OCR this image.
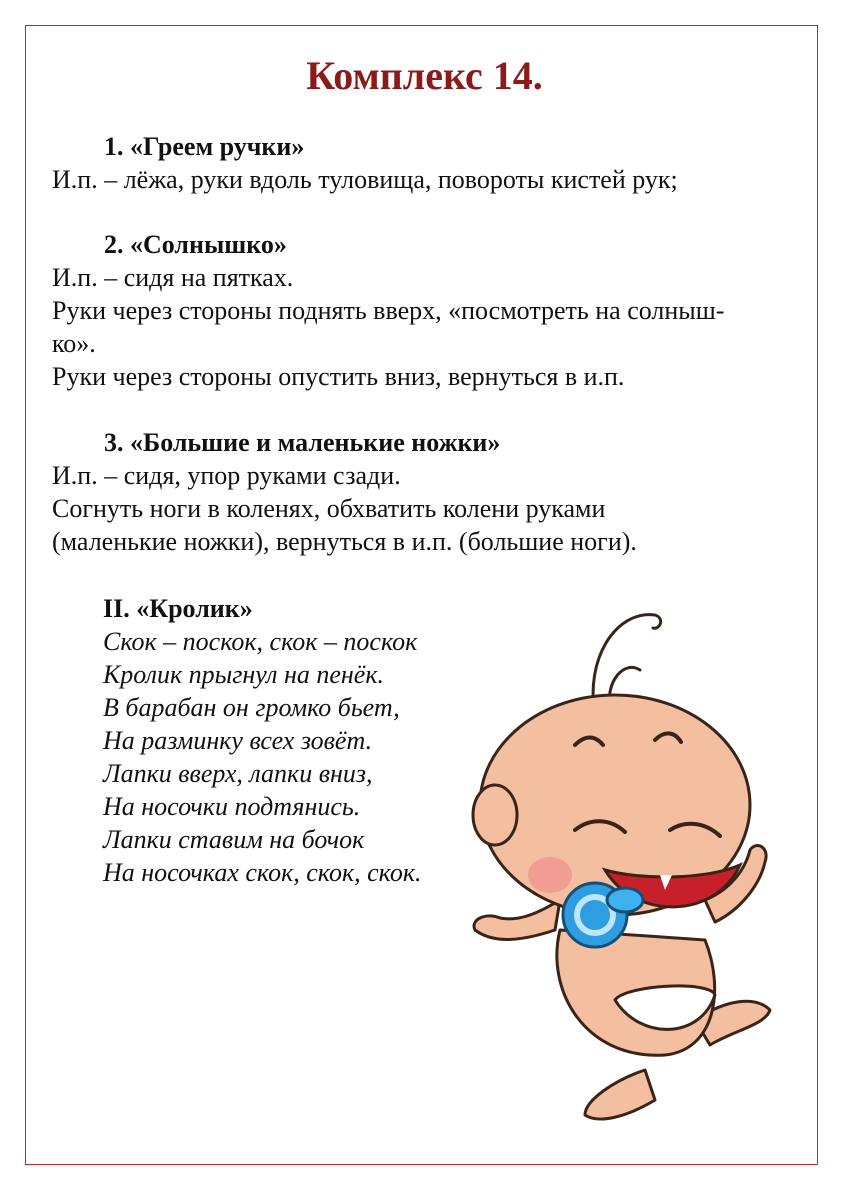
Комплекс 14.
1. «Греем ручки»
И.п. – лёжа, руки вдоль туловища, повороты кистей рук;
2. «Солнышко»
И.п. – сидя на пятках.
Руки через стороны поднять вверх, «посмотреть на солныш-
ко».
Руки через стороны опустить вниз, вернуться в и.п.
3. «Большие и маленькие ножки»
И.п. – сидя, упор руками сзади.
Согнуть ноги в коленях, обхватить колени руками
(маленькие ножки), вернуться в и.п. (большие ноги).
II. «Кролик»
Скок – поскок, скок – поскок
Кролик прыгнул на пенёк.
В барабан он громко бьет,
На разминку всех зовёт.
Лапки вверх, лапки вниз,
На носочки подтянись.
Лапки ставим на бочок
На носочках скок, скок, скок.
